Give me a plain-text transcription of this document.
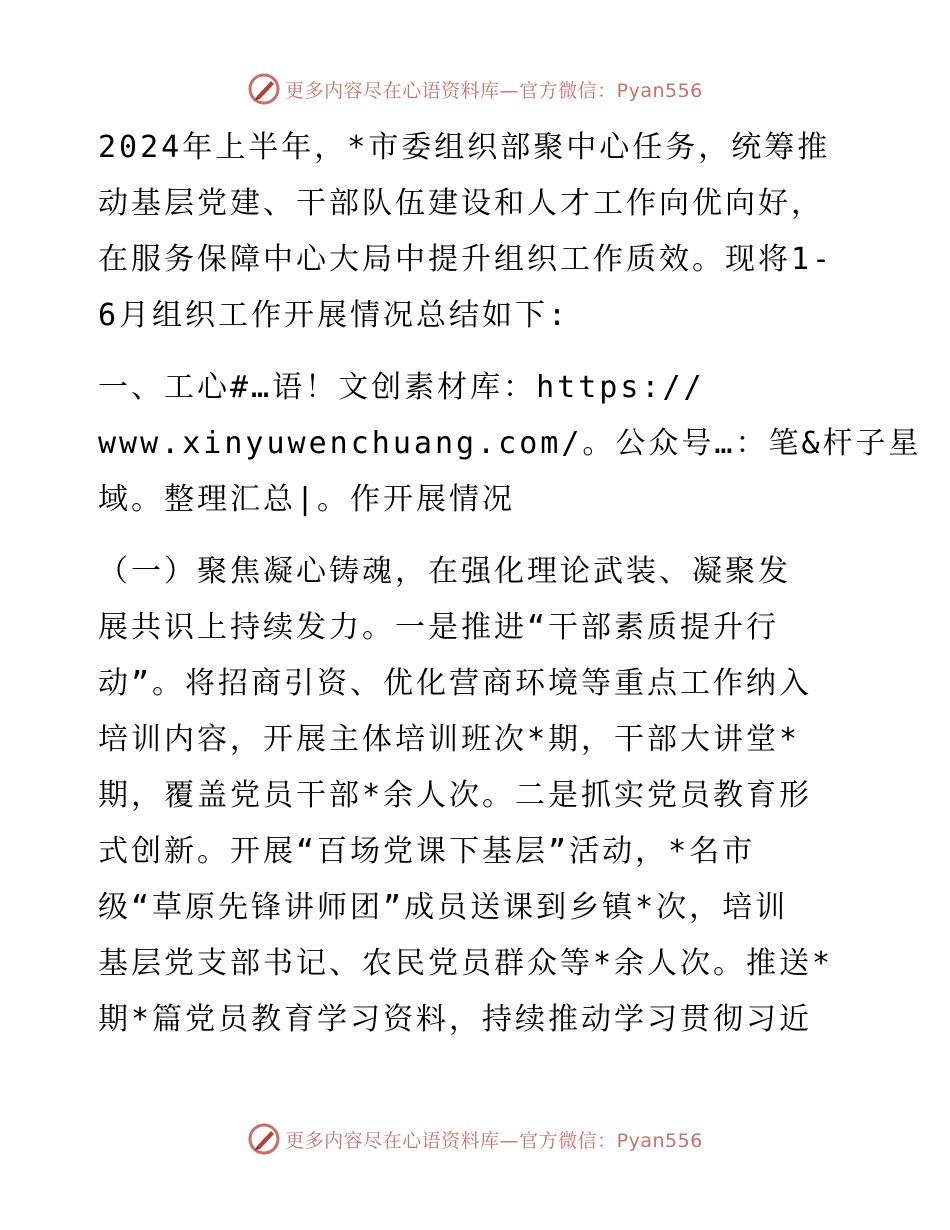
更多内容尽在心语资料库—官方微信：Pyan556
2024年上半年，*市委组织部聚中心任务，统筹推
动基层党建、干部队伍建设和人才工作向优向好，
在服务保障中心大局中提升组织工作质效。现将1-
6月组织工作开展情况总结如下:
一、工心#…语！文创素材库：https://
www.xinyuwenchuang.com/。公众号…：笔&杆子星
域。整理汇总|。作开展情况
（一）聚焦凝心铸魂，在强化理论武装、凝聚发
展共识上持续发力。一是推进“干部素质提升行
动”。将招商引资、优化营商环境等重点工作纳入
培训内容，开展主体培训班次*期，干部大讲堂*
期，覆盖党员干部*余人次。二是抓实党员教育形
式创新。开展“百场党课下基层”活动，*名市
级“草原先锋讲师团”成员送课到乡镇*次，培训
基层党支部书记、农民党员群众等*余人次。推送*
期*篇党员教育学习资料，持续推动学习贯彻习近
更多内容尽在心语资料库—官方微信：Pyan556
